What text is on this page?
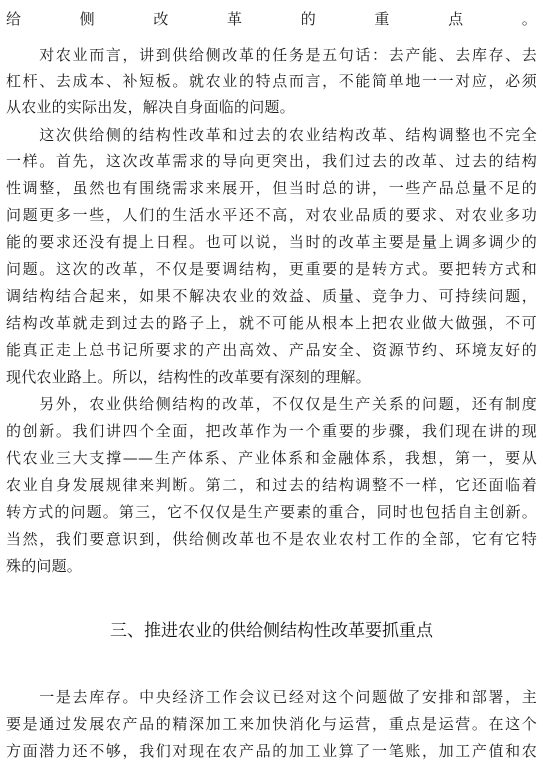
给侧改革的重点。
　　对农业而言，讲到供给侧改革的任务是五句话：去产能、去库存、去
杠杆、去成本、补短板。就农业的特点而言，不能简单地一一对应，必须
从农业的实际出发，解决自身面临的问题。
　　这次供给侧的结构性改革和过去的农业结构改革、结构调整也不完全
一样。首先，这次改革需求的导向更突出，我们过去的改革、过去的结构
性调整，虽然也有围绕需求来展开，但当时总的讲，一些产品总量不足的
问题更多一些，人们的生活水平还不高，对农业品质的要求、对农业多功
能的要求还没有提上日程。也可以说，当时的改革主要是量上调多调少的
问题。这次的改革，不仅是要调结构，更重要的是转方式。要把转方式和
调结构结合起来，如果不解决农业的效益、质量、竞争力、可持续问题，
结构改革就走到过去的路子上，就不可能从根本上把农业做大做强，不可
能真正走上总书记所要求的产出高效、产品安全、资源节约、环境友好的
现代农业路上。所以，结构性的改革要有深刻的理解。
　　另外，农业供给侧结构的改革，不仅仅是生产关系的问题，还有制度
的创新。我们讲四个全面，把改革作为一个重要的步骤，我们现在讲的现
代农业三大支撑——生产体系、产业体系和金融体系，我想，第一，要从
农业自身发展规律来判断。第二，和过去的结构调整不一样，它还面临着
转方式的问题。第三，它不仅仅是生产要素的重合，同时也包括自主创新。
当然，我们要意识到，供给侧改革也不是农业农村工作的全部，它有它特
殊的问题。
三、推进农业的供给侧结构性改革要抓重点
　　一是去库存。中央经济工作会议已经对这个问题做了安排和部署，主
要是通过发展农产品的精深加工来加快消化与运营，重点是运营。在这个
方面潜力还不够，我们对现在农产品的加工业算了一笔账，加工产值和农
